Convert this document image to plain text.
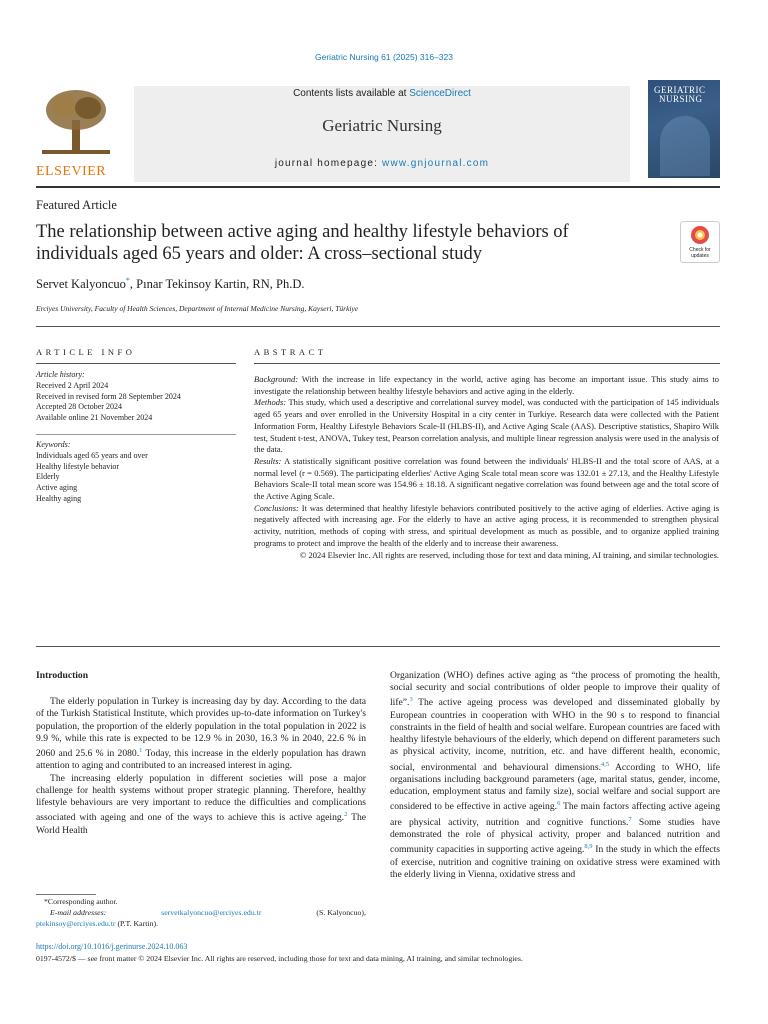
Geriatric Nursing 61 (2025) 316–323
ELSEVIER
Contents lists available at ScienceDirect
Geriatric Nursing
journal homepage: www.gnjournal.com
GERIATRIC
NURSING
Featured Article
The relationship between active aging and healthy lifestyle behaviors of individuals aged 65 years and older: A cross–sectional study	Check for updates
Servet Kalyoncuo*, Pınar Tekinsoy Kartin, RN, Ph.D.
Erciyes University, Faculty of Health Sciences, Department of Internal Medicine Nursing, Kayseri, Türkiye
ARTICLE INFO
Article history:
Received 2 April 2024
Received in revised form 28 September 2024
Accepted 28 October 2024
Available online 21 November 2024
Keywords:
Individuals aged 65 years and over
Healthy lifestyle behavior
Elderly
Active aging
Healthy aging
ABSTRACT

Background: With the increase in life expectancy in the world, active aging has become an important issue. This study aims to investigate the relationship between healthy lifestyle behaviors and active aging in the elderly.

Methods: This study, which used a descriptive and correlational survey model, was conducted with the participation of 145 individuals aged 65 years and over enrolled in the University Hospital in a city center in Turkiye. Research data were collected with the Patient Information Form, Healthy Lifestyle Behaviors Scale-II (HLBS-II), and Active Aging Scale (AAS). Descriptive statistics, Shapiro Wilk test, Student t-test, ANOVA, Tukey test, Pearson correlation analysis, and multiple linear regression analysis were used in the analysis of the data.

Results: A statistically significant positive correlation was found between the individuals' HLBS-II and the total score of AAS, at a normal level (r = 0.569). The participating elderlies' Active Aging Scale total mean score was 132.01 ± 27.13, and the Healthy Lifestyle Behaviors Scale-II total mean score was 154.96 ± 18.18. A significant negative correlation was found between age and the total score of the Active Aging Scale.

Conclusions: It was determined that healthy lifestyle behaviors contributed positively to the active aging of elderlies. Active aging is negatively affected with increasing age. For the elderly to have an active aging process, it is recommended to strengthen physical activity, nutrition, methods of coping with stress, and spiritual development as much as possible, and to organize applied training programs to protect and improve the health of the elderly and to increase their awareness.

© 2024 Elsevier Inc. All rights are reserved, including those for text and data mining, AI training, and similar technologies.

Introduction

The elderly population in Turkey is increasing day by day. According to the data of the Turkish Statistical Institute, which provides up-to-date information on Turkey's population, the proportion of the elderly population in the total population in 2022 is 9.9 %, while this rate is expected to be 12.9 % in 2030, 16.3 % in 2040, 22.6 % in 2060 and 25.6 % in 2080.$^1$ Today, this increase in the elderly population has drawn attention to aging and contributed to an increased interest in aging.

The increasing elderly population in different societies will pose a major challenge for health systems without proper strategic planning. Therefore, healthy lifestyle behaviours are very important to reduce the difficulties and complications associated with ageing and one of the ways to achieve this is active ageing.$^2$ The World Health

Organization (WHO) defines active aging as “the process of promoting the health, social security and social contributions of older people to improve their quality of life”.$^3$ The active ageing process was developed and disseminated globally by European countries in cooperation with WHO in the 90 s to respond to financial constraints in the field of health and social welfare. European countries are faced with healthy lifestyle behaviours of the elderly, which depend on different parameters such as physical activity, income, nutrition, etc. and have different health, economic, social, environmental and behavioural dimensions.$^{4,5}$ According to WHO, life organisations including background parameters (age, marital status, gender, income, education, employment status and family size), social welfare and social support are considered to be effective in active ageing.$^6$ The main factors affecting active ageing are physical activity, nutrition and cognitive functions.$^7$ Some studies have demonstrated the role of physical activity, proper and balanced nutrition and community capacities in supporting active ageing.$^{8,9}$ In the study in which the effects of exercise, nutrition and cognitive training on oxidative stress were examined with the elderly living in Vienna, oxidative stress and

*Corresponding author.
E-mail addresses:	servetkalyoncuo@erciyes.edu.tr	(S. Kalyoncuo),
ptekinsoy@erciyes.edu.tr (P.T. Kartin).
https://doi.org/10.1016/j.gerinurse.2024.10.063
0197-4572/$ — see front matter © 2024 Elsevier Inc. All rights are reserved, including those for text and data mining, AI training, and similar technologies.
